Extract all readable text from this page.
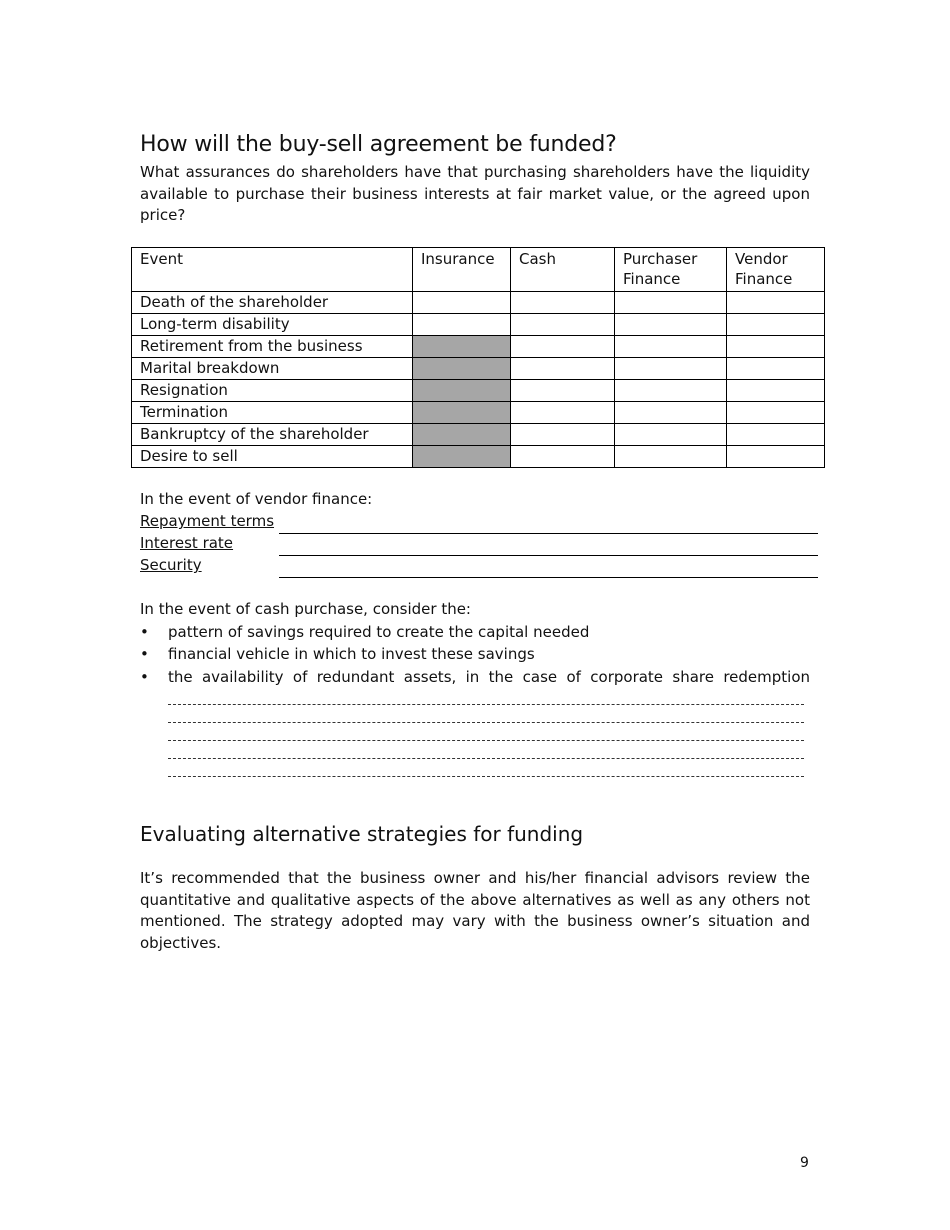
How will the buy-sell agreement be funded?
What assurances do shareholders have that purchasing shareholders have the liquidity available to purchase their business interests at fair market value, or the agreed upon price?
Event	Insurance	Cash	Purchaser Finance	Vendor Finance
Death of the shareholder				
Long-term disability				
Retirement from the business				
Marital breakdown				
Resignation				
Termination				
Bankruptcy of the shareholder				
Desire to sell				
In the event of vendor finance:
Repayment terms
Interest rate
Security
In the event of cash purchase, consider the:
• pattern of savings required to create the capital needed
• financial vehicle in which to invest these savings
• the availability of redundant assets, in the case of corporate share redemption
Evaluating alternative strategies for funding
It’s recommended that the business owner and his/her financial advisors review the quantitative and qualitative aspects of the above alternatives as well as any others not mentioned. The strategy adopted may vary with the business owner’s situation and objectives.
9
